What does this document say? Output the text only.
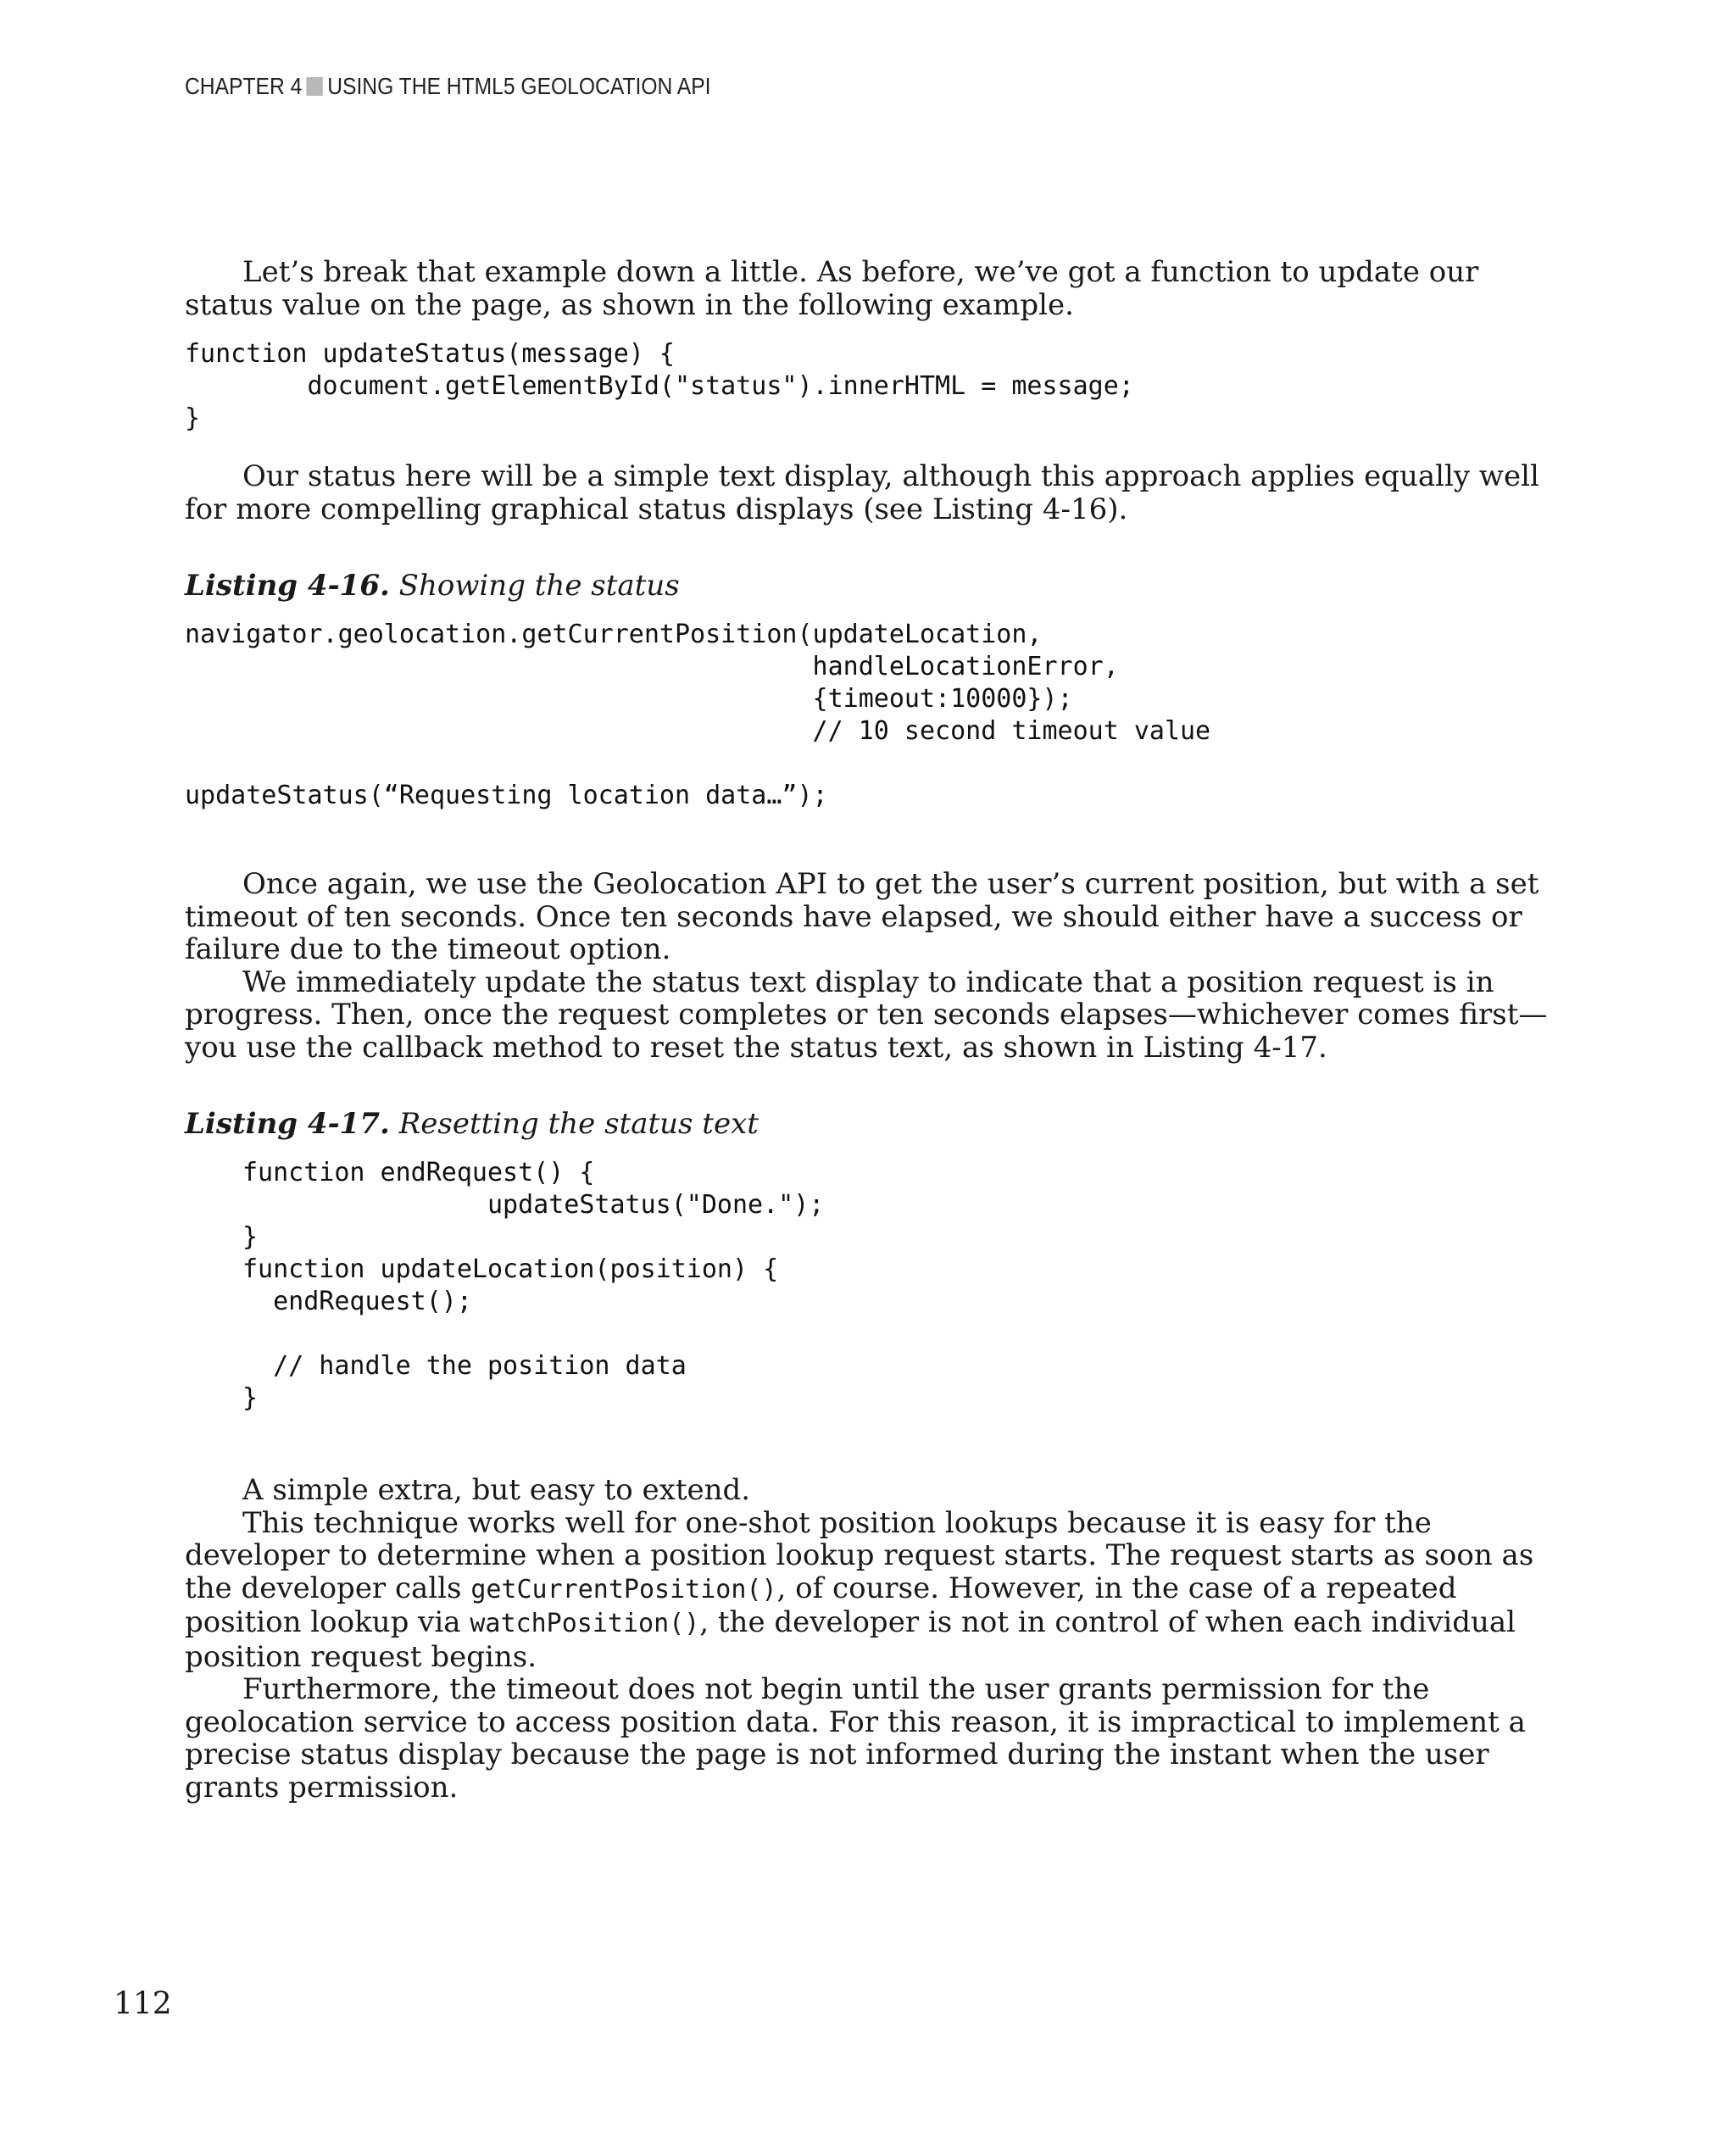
CHAPTER 4 USING THE HTML5 GEOLOCATION API

Let’s break that example down a little. As before, we’ve got a function to update our status value on the page, as shown in the following example.

function updateStatus(message) {
document.getElementById("status").innerHTML = message;
}

Our status here will be a simple text display, although this approach applies equally well for more compelling graphical status displays (see Listing 4-16).

Listing 4-16. Showing the status
navigator.geolocation.getCurrentPosition(updateLocation,
handleLocationError,
{timeout:10000});
// 10 second timeout value

updateStatus(“Requesting location data…”);

Once again, we use the Geolocation API to get the user’s current position, but with a set timeout of ten seconds. Once ten seconds have elapsed, we should either have a success or failure due to the timeout option.

We immediately update the status text display to indicate that a position request is in progress. Then, once the request completes or ten seconds elapses—whichever comes first—you use the callback method to reset the status text, as shown in Listing 4-17.

Listing 4-17. Resetting the status text
function endRequest() {
updateStatus("Done.");
}
function updateLocation(position) {
endRequest();

// handle the position data
}

A simple extra, but easy to extend.

This technique works well for one-shot position lookups because it is easy for the developer to determine when a position lookup request starts. The request starts as soon as the developer calls getCurrentPosition(), of course. However, in the case of a repeated position lookup via watchPosition(), the developer is not in control of when each individual position request begins.

Furthermore, the timeout does not begin until the user grants permission for the geolocation service to access position data. For this reason, it is impractical to implement a precise status display because the page is not informed during the instant when the user grants permission.

112
